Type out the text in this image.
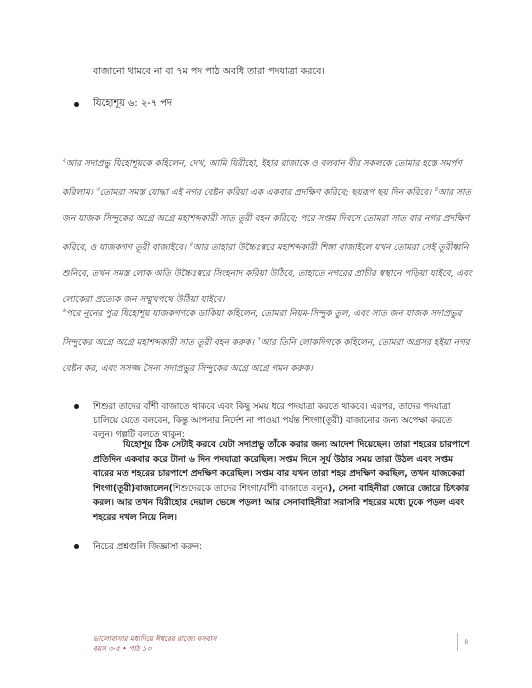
বাজানো থামবে না বা ৭ম পদ পাঠ অবধি তারা পদযাত্রা করবে।
যিহোশূয় ৬: ২-৭ পদ
$^২$আর সদাপ্রভু যিহোশূয়কে কহিলেন, দেখ, আমি যিরীহো, ইহার রাজাকে ও বলবান বীর সকলকে তোমার হস্তে সমর্পণ করিলাম। $^৩$তোমরা সমস্ত যোদ্ধা এই নগর বেষ্টন করিয়া এক একবার প্রদক্ষিণ করিবে; ছয়রূপ ছয় দিন করিবে। $^৪$আর সাত জন যাজক সিন্দুকের অগ্রে অগ্রে মহাশব্দকারী সাত তূরী বহন করিবে; পরে সপ্তম দিবসে তোমরা সাত বার নগর প্রদক্ষিণ করিবে, ও যাজকগণ তূরী বাজাইবে। $^৫$আর তাহারা উচ্চৈঃস্বরে মহাশব্দকারী শিঙ্গা বাজাইলে যখন তোমরা সেই তূরীধ্বনি শুনিবে, তখন সমস্ত লোক অতি উচ্চৈঃস্বরে সিংহনাদ করিয়া উঠিবে, তাহাতে নগরের প্রাচীর স্বস্থানে পড়িয়া যাইবে, এবং লোকেরা প্রত্যেক জন সম্মুখপথে উঠিয়া যাইবে।
$^৬$পরে নূনের পুত্র যিহোশূয় যাজকগণকে ডাকিয়া কহিলেন, তোমরা নিয়ম-সিন্দুক তুল, এবং সাত জন যাজক সদাপ্রভুর সিন্দুকের অগ্রে অগ্রে মহাশব্দকারী সাত তূরী বহন করুক। $^৭$আর তিনি লোকদিগকে কহিলেন, তোমরা অগ্রসর হইয়া নগর বেষ্টন কর, এবং সসজ্জ সৈন্য সদাপ্রভুর সিন্দুকের অগ্রে অগ্রে গমন করুক।
শিশুরা তাদের বাঁশী বাজাতে থাকবে এবং কিছু সময় ধরে পদযাত্রা করতে থাকবে। এরপর, তাদের পদযাত্রা চালিয়ে যেতে বলবেন, কিন্তু আপনার নির্দেশ না পাওয়া পর্যন্ত শিংগা(তূরী) বাজানোর জন্য অপেক্ষা করতে বলুন। গল্পটি বলতে থাকুন:
যিহোশূয় ঠিক সেটাই করবে যেটা সদাপ্রভু তাঁকে করার জন্য আদেশ দিয়েছেন। তারা শহরের চারপাশে প্রতিদিন একবার করে টানা ৬ দিন পদযাত্রা করেছিল। সপ্তম দিনে সূর্য উঠার সময় তারা উঠল এবং সপ্তম বারের মত শহরের চারপাশে প্রদক্ষিণ করেছিল। সপ্তম বার যখন তারা শহর প্রদক্ষিণ করছিল, তখন যাজকেরা শিংগা(তূরী)বাজালেন(শিশুদেরকে তাদের শিংগা/বাঁশী বাজাতে বলুন), সেনা বাহিনীরা জোরে জোরে চিৎকার করল। আর তখন যিরীহোর দেয়াল ভেঙ্গে পড়ল! আর সেনাবাহিনীরা সরাসরি শহরের মধ্যে ঢুকে পড়ল এবং শহরের দখল নিয়ে নিল।
নিচের প্রশ্নগুলি জিজ্ঞাসা করুন:
ভালোবাসার মধ্যদিয়ে ঈশ্বরের রাজ্যে বসবাস
বয়স ৩-৫ • পাঠ ১৩
৪
